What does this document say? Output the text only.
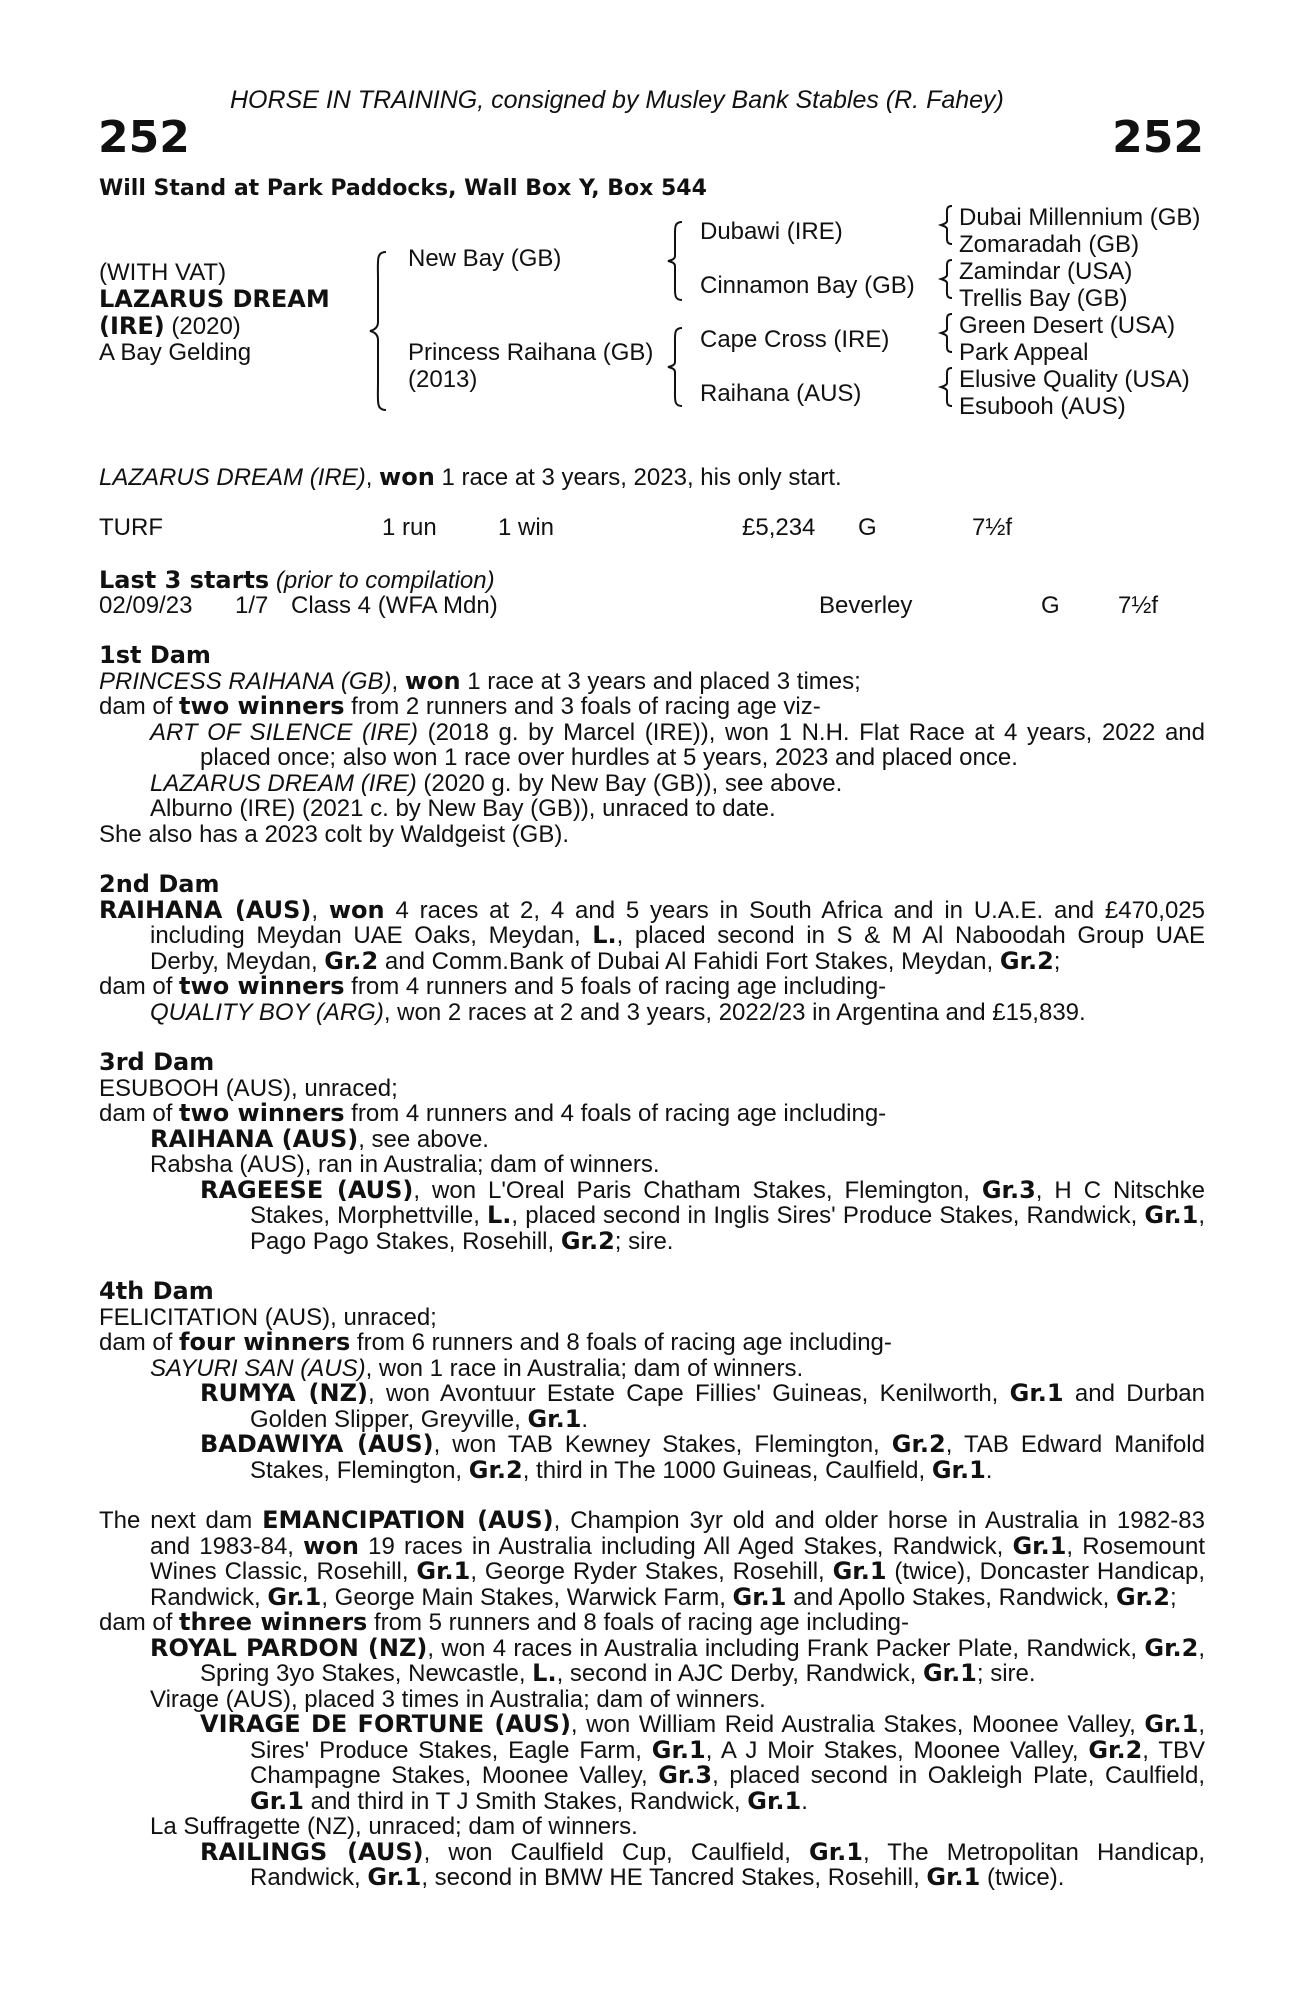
HORSE IN TRAINING, consigned by Musley Bank Stables (R. Fahey)
252	252
Will Stand at Park Paddocks, Wall Box Y, Box 544
(WITH VAT)
LAZARUS DREAM
(IRE) (2020)
A Bay Gelding
New Bay (GB)
Princess Raihana (GB)
(2013)
Dubawi (IRE)
Cinnamon Bay (GB)
Cape Cross (IRE)
Raihana (AUS)
Dubai Millennium (GB)
Zomaradah (GB)
Zamindar (USA)
Trellis Bay (GB)
Green Desert (USA)
Park Appeal
Elusive Quality (USA)
Esubooh (AUS)
LAZARUS DREAM (IRE), won 1 race at 3 years, 2023, his only start.
TURF	1 run	1 win	£5,234 G	7½f
Last 3 starts (prior to compilation)
02/09/23 1/7 Class 4 (WFA Mdn)	Beverley	G 7½f

1st Dam

PRINCESS RAIHANA (GB), won 1 race at 3 years and placed 3 times;

dam of two winners from 2 runners and 3 foals of racing age viz-

ART OF SILENCE (IRE) (2018 g. by Marcel (IRE)), won 1 N.H. Flat Race at 4 years, 2022 and placed once; also won 1 race over hurdles at 5 years, 2023 and placed once.

LAZARUS DREAM (IRE) (2020 g. by New Bay (GB)), see above.

Alburno (IRE) (2021 c. by New Bay (GB)), unraced to date.

She also has a 2023 colt by Waldgeist (GB).

2nd Dam

RAIHANA (AUS), won 4 races at 2, 4 and 5 years in South Africa and in U.A.E. and £470,025 including Meydan UAE Oaks, Meydan, L., placed second in S & M Al Naboodah Group UAE Derby, Meydan, Gr.2 and Comm.Bank of Dubai Al Fahidi Fort Stakes, Meydan, Gr.2;

dam of two winners from 4 runners and 5 foals of racing age including-

QUALITY BOY (ARG), won 2 races at 2 and 3 years, 2022/23 in Argentina and £15,839.

3rd Dam

ESUBOOH (AUS), unraced;

dam of two winners from 4 runners and 4 foals of racing age including-

RAIHANA (AUS), see above.

Rabsha (AUS), ran in Australia; dam of winners.

RAGEESE (AUS), won L'Oreal Paris Chatham Stakes, Flemington, Gr.3, H C Nitschke Stakes, Morphettville, L., placed second in Inglis Sires' Produce Stakes, Randwick, Gr.1, Pago Pago Stakes, Rosehill, Gr.2; sire.

4th Dam

FELICITATION (AUS), unraced;

dam of four winners from 6 runners and 8 foals of racing age including-

SAYURI SAN (AUS), won 1 race in Australia; dam of winners.

RUMYA (NZ), won Avontuur Estate Cape Fillies' Guineas, Kenilworth, Gr.1 and Durban Golden Slipper, Greyville, Gr.1.

BADAWIYA (AUS), won TAB Kewney Stakes, Flemington, Gr.2, TAB Edward Manifold Stakes, Flemington, Gr.2, third in The 1000 Guineas, Caulfield, Gr.1.

The next dam EMANCIPATION (AUS), Champion 3yr old and older horse in Australia in 1982-83 and 1983-84, won 19 races in Australia including All Aged Stakes, Randwick, Gr.1, Rosemount Wines Classic, Rosehill, Gr.1, George Ryder Stakes, Rosehill, Gr.1 (twice), Doncaster Handicap, Randwick, Gr.1, George Main Stakes, Warwick Farm, Gr.1 and Apollo Stakes, Randwick, Gr.2;

dam of three winners from 5 runners and 8 foals of racing age including-

ROYAL PARDON (NZ), won 4 races in Australia including Frank Packer Plate, Randwick, Gr.2, Spring 3yo Stakes, Newcastle, L., second in AJC Derby, Randwick, Gr.1; sire.

Virage (AUS), placed 3 times in Australia; dam of winners.

VIRAGE DE FORTUNE (AUS), won William Reid Australia Stakes, Moonee Valley, Gr.1, Sires' Produce Stakes, Eagle Farm, Gr.1, A J Moir Stakes, Moonee Valley, Gr.2, TBV Champagne Stakes, Moonee Valley, Gr.3, placed second in Oakleigh Plate, Caulfield, Gr.1 and third in T J Smith Stakes, Randwick, Gr.1.

La Suffragette (NZ), unraced; dam of winners.

RAILINGS (AUS), won Caulfield Cup, Caulfield, Gr.1, The Metropolitan Handicap, Randwick, Gr.1, second in BMW HE Tancred Stakes, Rosehill, Gr.1 (twice).
